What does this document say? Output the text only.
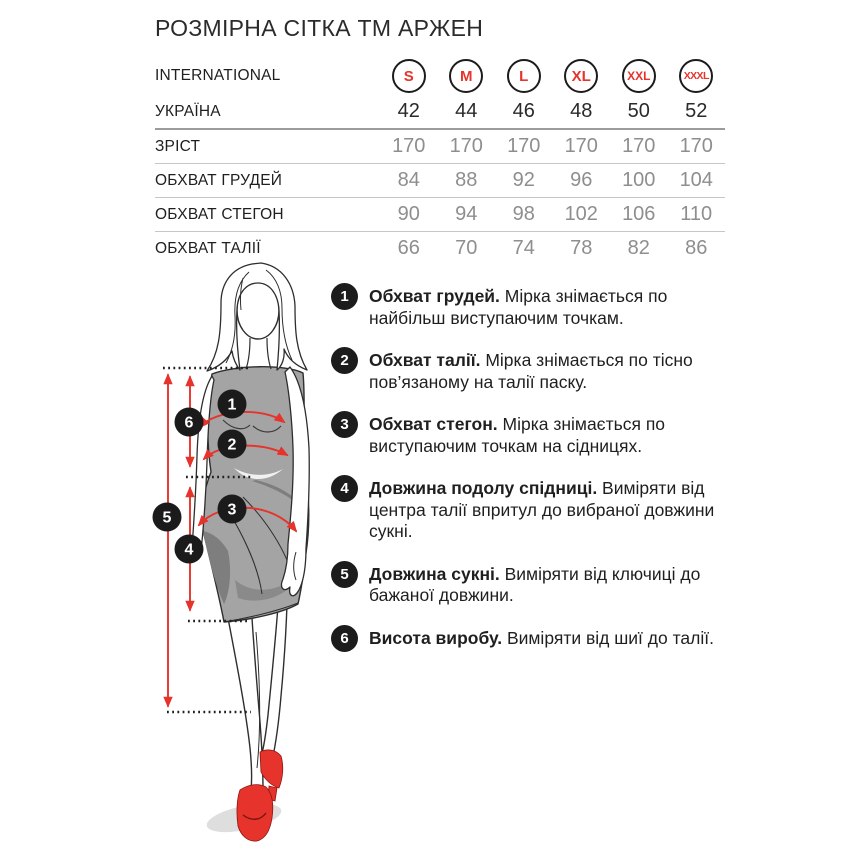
РОЗМІРНА СІТКА ТМ АРЖЕН
INTERNATIONAL	S	M	L	XL	XXL	XXXL

УКРАЇНА	42	44	46	48	50	52
ЗРІСТ	170	170	170	170	170	170
ОБХВАТ ГРУДЕЙ	84	88	92	96	100	104
ОБХВАТ СТЕГОН	90	94	98	102	106	110
ОБХВАТ ТАЛІЇ	66	70	74	78	82	86
1
2
3
4
5
6
1	Обхват грудей. Мірка знімається по найбільш виступаючим точкам.
2	Обхват талії. Мірка знімається по тісно пов’язаному на талії паску.
3	Обхват стегон. Мірка знімається по виступаючим точкам на сідницях.
4	Довжина подолу спідниці. Виміряти від центра талії впритул до вибраної довжини сукні.
5	Довжина сукні. Виміряти від ключиці до бажаної довжини.
6	Висота виробу. Виміряти від шиї до талії.
